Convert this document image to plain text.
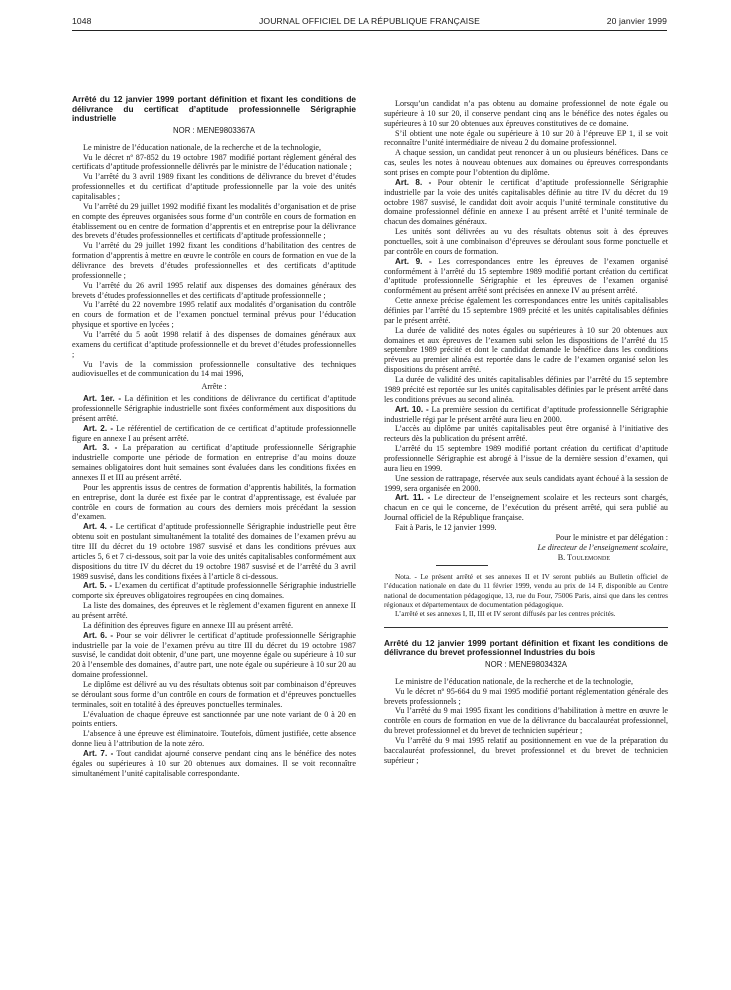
1048	JOURNAL OFFICIEL DE LA RÉPUBLIQUE FRANÇAISE	20 janvier 1999
Arrêté du 12 janvier 1999 portant définition et fixant les conditions de délivrance du certificat d’aptitude professionnelle Sérigraphie industrielle
NOR : MENE9803367A

Le ministre de l’éducation nationale, de la recherche et de la technologie,

Vu le décret nº 87-852 du 19 octobre 1987 modifié portant règlement général des certificats d’aptitude professionnelle délivrés par le ministre de l’éducation nationale ;

Vu l’arrêté du 3 avril 1989 fixant les conditions de délivrance du brevet d’études professionnelles et du certificat d’aptitude professionnelle par la voie des unités capitalisables ;

Vu l’arrêté du 29 juillet 1992 modifié fixant les modalités d’organisation et de prise en compte des épreuves organisées sous forme d’un contrôle en cours de formation en établissement ou en centre de formation d’apprentis et en entreprise pour la délivrance des brevets d’études professionnelles et certificats d’aptitude professionnelle ;

Vu l’arrêté du 29 juillet 1992 fixant les conditions d’habilitation des centres de formation d’apprentis à mettre en œuvre le contrôle en cours de formation en vue de la délivrance des brevets d’études professionnelles et des certificats d’aptitude professionnelle ;

Vu l’arrêté du 26 avril 1995 relatif aux dispenses des domaines généraux des brevets d’études professionnelles et des certificats d’aptitude professionnelle ;

Vu l’arrêté du 22 novembre 1995 relatif aux modalités d’organisation du contrôle en cours de formation et de l’examen ponctuel terminal prévus pour l’éducation physique et sportive en lycées ;

Vu l’arrêté du 5 août 1998 relatif à des dispenses de domaines généraux aux examens du certificat d’aptitude professionnelle et du brevet d’études professionnelles ;

Vu l’avis de la commission professionnelle consultative des techniques audiovisuelles et de communication du 14 mai 1996,

Arrête :

Art. 1er. - La définition et les conditions de délivrance du certificat d’aptitude professionnelle Sérigraphie industrielle sont fixées conformément aux dispositions du présent arrêté.

Art. 2. - Le référentiel de certification de ce certificat d’aptitude professionnelle figure en annexe I au présent arrêté.

Art. 3. - La préparation au certificat d’aptitude professionnelle Sérigraphie industrielle comporte une période de formation en entreprise d’au moins douze semaines obligatoires dont huit semaines sont évaluées dans les conditions fixées en annexes II et III au présent arrêté.

Pour les apprentis issus de centres de formation d’apprentis habilités, la formation en entreprise, dont la durée est fixée par le contrat d’apprentissage, est évaluée par contrôle en cours de formation au cours des derniers mois précédant la session d’examen.

Art. 4. - Le certificat d’aptitude professionnelle Sérigraphie industrielle peut être obtenu soit en postulant simultanément la totalité des domaines de l’examen prévu au titre III du décret du 19 octobre 1987 susvisé et dans les conditions prévues aux articles 5, 6 et 7 ci-dessous, soit par la voie des unités capitalisables conformément aux dispositions du titre IV du décret du 19 octobre 1987 susvisé et de l’arrêté du 3 avril 1989 susvisé, dans les conditions fixées à l’article 8 ci-dessous.

Art. 5. - L’examen du certificat d’aptitude professionnelle Sérigraphie industrielle comporte six épreuves obligatoires regroupées en cinq domaines.

La liste des domaines, des épreuves et le règlement d’examen figurent en annexe II au présent arrêté.

La définition des épreuves figure en annexe III au présent arrêté.

Art. 6. - Pour se voir délivrer le certificat d’aptitude professionnelle Sérigraphie industrielle par la voie de l’examen prévu au titre III du décret du 19 octobre 1987 susvisé, le candidat doit obtenir, d’une part, une moyenne égale ou supérieure à 10 sur 20 à l’ensemble des domaines, d’autre part, une note égale ou supérieure à 10 sur 20 au domaine professionnel.

Le diplôme est délivré au vu des résultats obtenus soit par combinaison d’épreuves se déroulant sous forme d’un contrôle en cours de formation et d’épreuves ponctuelles terminales, soit en totalité à des épreuves ponctuelles terminales.

L’évaluation de chaque épreuve est sanctionnée par une note variant de 0 à 20 en points entiers.

L’absence à une épreuve est éliminatoire. Toutefois, dûment justifiée, cette absence donne lieu à l’attribution de la note zéro.

Art. 7. - Tout candidat ajourné conserve pendant cinq ans le bénéfice des notes égales ou supérieures à 10 sur 20 obtenues aux domaines. Il se voit reconnaître simultanément l’unité capitalisable correspondante.

Lorsqu’un candidat n’a pas obtenu au domaine professionnel de note égale ou supérieure à 10 sur 20, il conserve pendant cinq ans le bénéfice des notes égales ou supérieures à 10 sur 20 obtenues aux épreuves constitutives de ce domaine.

S’il obtient une note égale ou supérieure à 10 sur 20 à l’épreuve EP 1, il se voit reconnaître l’unité intermédiaire de niveau 2 du domaine professionnel.

A chaque session, un candidat peut renoncer à un ou plusieurs bénéfices. Dans ce cas, seules les notes à nouveau obtenues aux domaines ou épreuves correspondants sont prises en compte pour l’obtention du diplôme.

Art. 8. - Pour obtenir le certificat d’aptitude professionnelle Sérigraphie industrielle par la voie des unités capitalisables définie au titre IV du décret du 19 octobre 1987 susvisé, le candidat doit avoir acquis l’unité terminale constitutive du domaine professionnel définie en annexe I au présent arrêté et l’unité terminale de chacun des domaines généraux.

Les unités sont délivrées au vu des résultats obtenus soit à des épreuves ponctuelles, soit à une combinaison d’épreuves se déroulant sous forme ponctuelle et par contrôle en cours de formation.

Art. 9. - Les correspondances entre les épreuves de l’examen organisé conformément à l’arrêté du 15 septembre 1989 modifié portant création du certificat d’aptitude professionnelle Sérigraphie et les épreuves de l’examen organisé conformément au présent arrêté sont précisées en annexe IV au présent arrêté.

Cette annexe précise également les correspondances entre les unités capitalisables définies par l’arrêté du 15 septembre 1989 précité et les unités capitalisables définies par le présent arrêté.

La durée de validité des notes égales ou supérieures à 10 sur 20 obtenues aux domaines et aux épreuves de l’examen subi selon les dispositions de l’arrêté du 15 septembre 1989 précité et dont le candidat demande le bénéfice dans les conditions prévues au premier alinéa est reportée dans le cadre de l’examen organisé selon les dispositions du présent arrêté.

La durée de validité des unités capitalisables définies par l’arrêté du 15 septembre 1989 précité est reportée sur les unités capitalisables définies par le présent arrêté dans les conditions prévues au second alinéa.

Art. 10. - La première session du certificat d’aptitude professionnelle Sérigraphie industrielle régi par le présent arrêté aura lieu en 2000.

L’accès au diplôme par unités capitalisables peut être organisé à l’initiative des recteurs dès la publication du présent arrêté.

L’arrêté du 15 septembre 1989 modifié portant création du certificat d’aptitude professionnelle Sérigraphie est abrogé à l’issue de la dernière session d’examen, qui aura lieu en 1999.

Une session de rattrapage, réservée aux seuls candidats ayant échoué à la session de 1999, sera organisée en 2000.

Art. 11. - Le directeur de l’enseignement scolaire et les recteurs sont chargés, chacun en ce qui le concerne, de l’exécution du présent arrêté, qui sera publié au Journal officiel de la République française.

Fait à Paris, le 12 janvier 1999.

Pour le ministre et par délégation :

Le directeur de l’enseignement scolaire,

B. Toulemonde

Nota. - Le présent arrêté et ses annexes II et IV seront publiés au Bulletin officiel de l’éducation nationale en date du 11 février 1999, vendu au prix de 14 F, disponible au Centre national de documentation pédagogique, 13, rue du Four, 75006 Paris, ainsi que dans les centres régionaux et départementaux de documentation pédagogique.

L’arrêté et ses annexes I, II, III et IV seront diffusés par les centres précités.

Arrêté du 12 janvier 1999 portant définition et fixant les conditions de délivrance du brevet professionnel Industries du bois
NOR : MENE9803432A

Le ministre de l’éducation nationale, de la recherche et de la technologie,

Vu le décret nº 95-664 du 9 mai 1995 modifié portant réglementation générale des brevets professionnels ;

Vu l’arrêté du 9 mai 1995 fixant les conditions d’habilitation à mettre en œuvre le contrôle en cours de formation en vue de la délivrance du baccalauréat professionnel, du brevet professionnel et du brevet de technicien supérieur ;

Vu l’arrêté du 9 mai 1995 relatif au positionnement en vue de la préparation du baccalauréat professionnel, du brevet professionnel et du brevet de technicien supérieur ;
